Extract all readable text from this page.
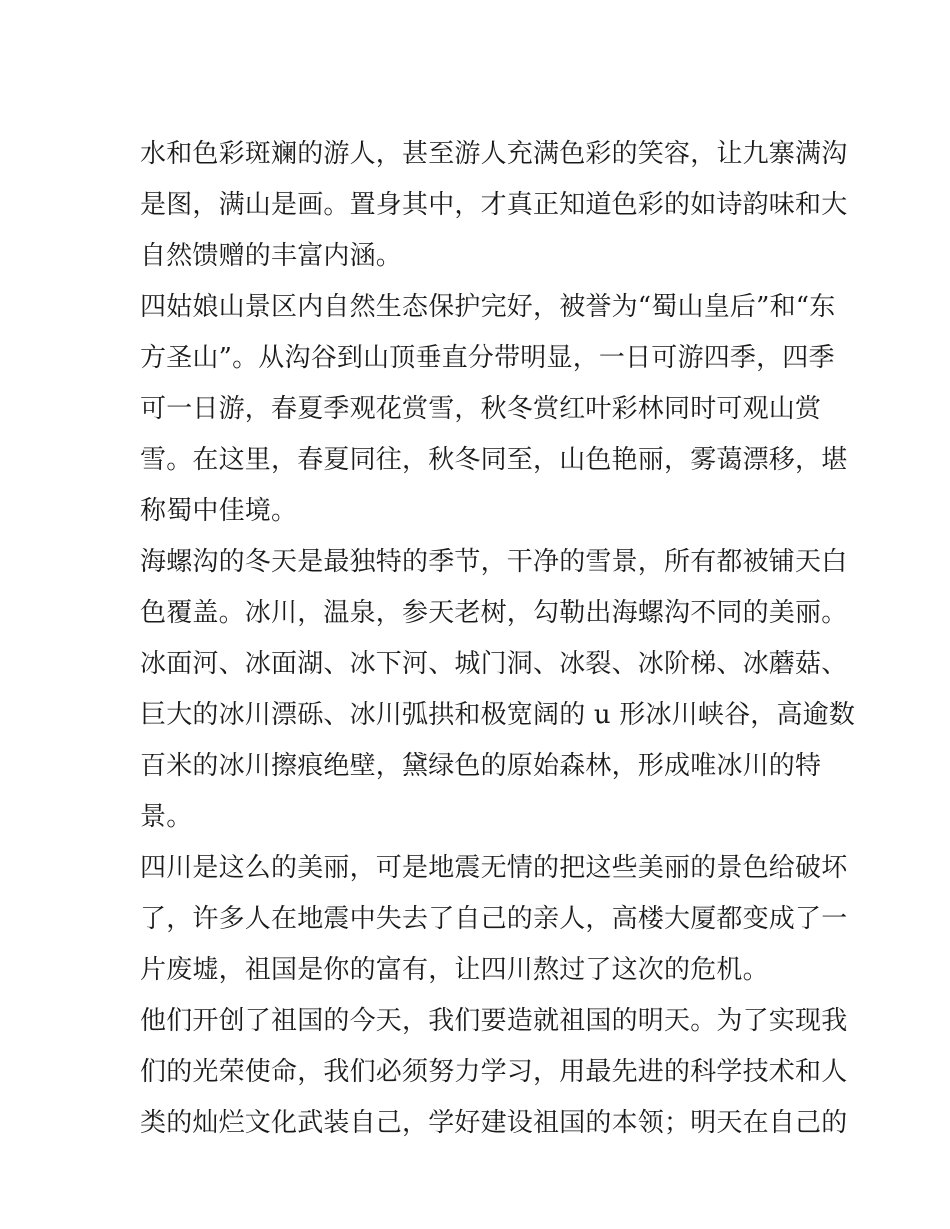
水和色彩斑斓的游人，甚至游人充满色彩的笑容，让九寨满沟
是图，满山是画。置身其中，才真正知道色彩的如诗韵味和大
自然馈赠的丰富内涵。
四姑娘山景区内自然生态保护完好，被誉为“蜀山皇后”和“东
方圣山”。从沟谷到山顶垂直分带明显，一日可游四季，四季
可一日游，春夏季观花赏雪，秋冬赏红叶彩林同时可观山赏
雪。在这里，春夏同往，秋冬同至，山色艳丽，雾蔼漂移，堪
称蜀中佳境。
海螺沟的冬天是最独特的季节，干净的雪景，所有都被铺天白
色覆盖。冰川，温泉，参天老树，勾勒出海螺沟不同的美丽。
冰面河、冰面湖、冰下河、城门洞、冰裂、冰阶梯、冰蘑菇、
巨大的冰川漂砾、冰川弧拱和极宽阔的 u 形冰川峡谷，高逾数
百米的冰川擦痕绝壁，黛绿色的原始森林，形成唯冰川的特
景。
四川是这么的美丽，可是地震无情的把这些美丽的景色给破坏
了，许多人在地震中失去了自己的亲人，高楼大厦都变成了一
片废墟，祖国是你的富有，让四川熬过了这次的危机。
他们开创了祖国的今天，我们要造就祖国的明天。为了实现我
们的光荣使命，我们必须努力学习，用最先进的科学技术和人
类的灿烂文化武装自己，学好建设祖国的本领；明天在自己的
